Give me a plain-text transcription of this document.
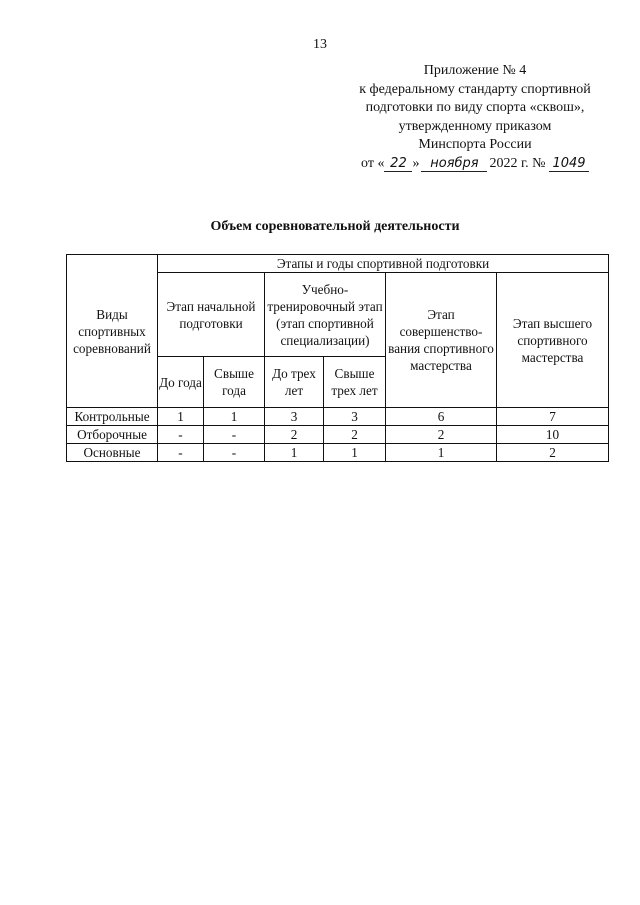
13
Приложение № 4
к федеральному стандарту спортивной
подготовки по виду спорта «сквош»,
утвержденному приказом
Минспорта России
от « 22 » ноября 2022 г. № 1049
Объем соревновательной деятельности
Виды спортивных соревнований	Этапы и годы спортивной подготовки					
	Этап начальной подготовки		Учебно-тренировочный этап (этап спортивной специализации)		Этап совершенство-вания спортивного мастерства	Этап высшего спортивного мастерства
	До года	Свыше года	До трех лет	Свыше трех лет		
Контрольные	1	1	3	3	6	7
Отборочные	-	-	2	2	2	10
Основные	-	-	1	1	1	2
